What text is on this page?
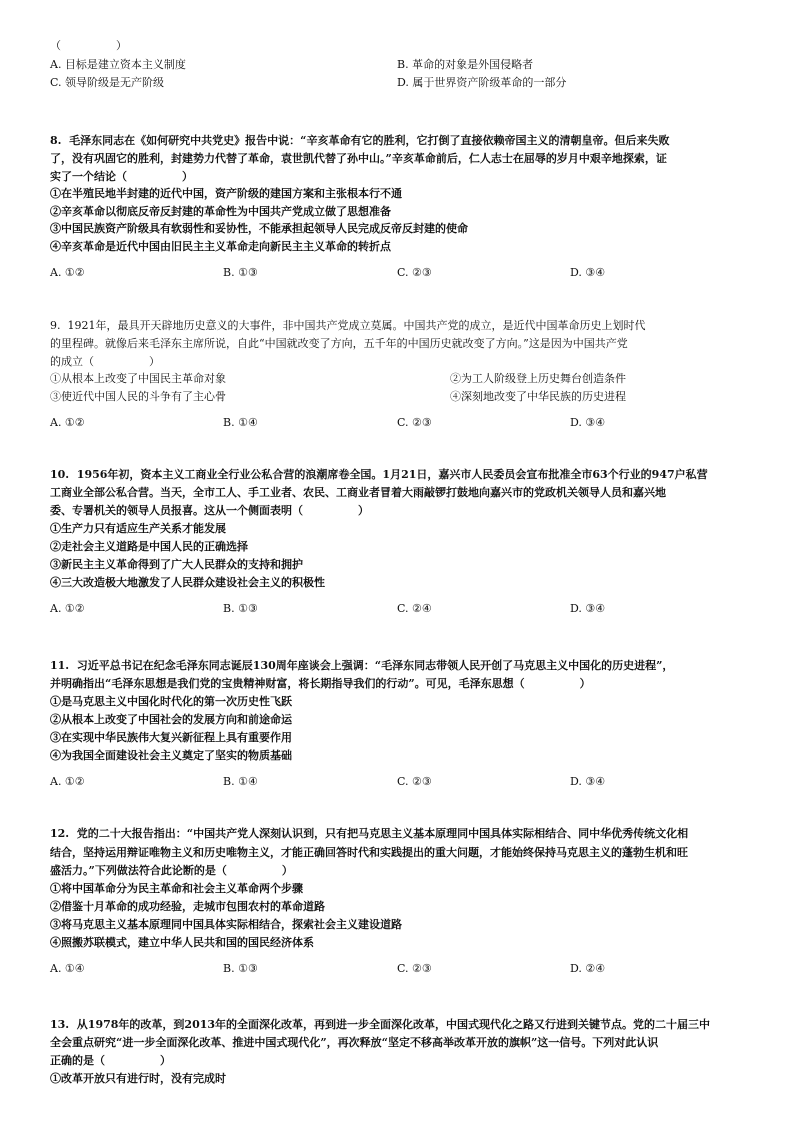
（　　　　　）
A. 目标是建立资本主义制度	B. 革命的对象是外国侵略者
C. 领导阶级是无产阶级	D. 属于世界资产阶级革命的一部分
8.  毛泽东同志在《如何研究中共党史》报告中说：“辛亥革命有它的胜利，它打倒了直接依赖帝国主义的清朝皇帝。但后来失败
了，没有巩固它的胜利，封建势力代替了革命，袁世凯代替了孙中山。”辛亥革命前后，仁人志士在屈辱的岁月中艰辛地探索，证
实了一个结论（　　　　　）
①在半殖民地半封建的近代中国，资产阶级的建国方案和主张根本行不通
②辛亥革命以彻底反帝反封建的革命性为中国共产党成立做了思想准备
③中国民族资产阶级具有软弱性和妥协性，不能承担起领导人民完成反帝反封建的使命
④辛亥革命是近代中国由旧民主主义革命走向新民主主义革命的转折点
A. ①②	B. ①③	C. ②③	D. ③④
9.  1921年，最具开天辟地历史意义的大事件，非中国共产党成立莫属。中国共产党的成立，是近代中国革命历史上划时代
的里程碑。就像后来毛泽东主席所说，自此“中国就改变了方向，五千年的中国历史就改变了方向。”这是因为中国共产党
的成立（　　　　　）
①从根本上改变了中国民主革命对象	②为工人阶级登上历史舞台创造条件
③使近代中国人民的斗争有了主心骨	④深刻地改变了中华民族的历史进程
A. ①②	B. ①④	C. ②③	D. ③④
10.  1956年初，资本主义工商业全行业公私合营的浪潮席卷全国。1月21日，嘉兴市人民委员会宣布批准全市63个行业的947户私营
工商业全部公私合营。当天，全市工人、手工业者、农民、工商业者冒着大雨敲锣打鼓地向嘉兴市的党政机关领导人员和嘉兴地
委、专署机关的领导人员报喜。这从一个侧面表明（　　　　　）
①生产力只有适应生产关系才能发展
②走社会主义道路是中国人民的正确选择
③新民主主义革命得到了广大人民群众的支持和拥护
④三大改造极大地激发了人民群众建设社会主义的积极性
A. ①②	B. ①③	C. ②④	D. ③④
11.  习近平总书记在纪念毛泽东同志诞辰130周年座谈会上强调：“毛泽东同志带领人民开创了马克思主义中国化的历史进程”，
并明确指出“毛泽东思想是我们党的宝贵精神财富，将长期指导我们的行动”。可见，毛泽东思想（　　　　　）
①是马克思主义中国化时代化的第一次历史性飞跃
②从根本上改变了中国社会的发展方向和前途命运
③在实现中华民族伟大复兴新征程上具有重要作用
④为我国全面建设社会主义奠定了坚实的物质基础
A. ①②	B. ①④	C. ②③	D. ③④
12.  党的二十大报告指出：“中国共产党人深刻认识到，只有把马克思主义基本原理同中国具体实际相结合、同中华优秀传统文化相
结合，坚持运用辩证唯物主义和历史唯物主义，才能正确回答时代和实践提出的重大问题，才能始终保持马克思主义的蓬勃生机和旺
盛活力。”下列做法符合此论断的是（　　　　　）
①将中国革命分为民主革命和社会主义革命两个步骤
②借鉴十月革命的成功经验，走城市包围农村的革命道路
③将马克思主义基本原理同中国具体实际相结合，探索社会主义建设道路
④照搬苏联模式，建立中华人民共和国的国民经济体系
A. ①④	B. ①③	C. ②③	D. ②④
13.  从1978年的改革，到2013年的全面深化改革，再到进一步全面深化改革，中国式现代化之路又行进到关键节点。党的二十届三中
全会重点研究“进一步全面深化改革、推进中国式现代化”，再次释放“坚定不移高举改革开放的旗帜”这一信号。下列对此认识
正确的是（　　　　　）
①改革开放只有进行时，没有完成时
